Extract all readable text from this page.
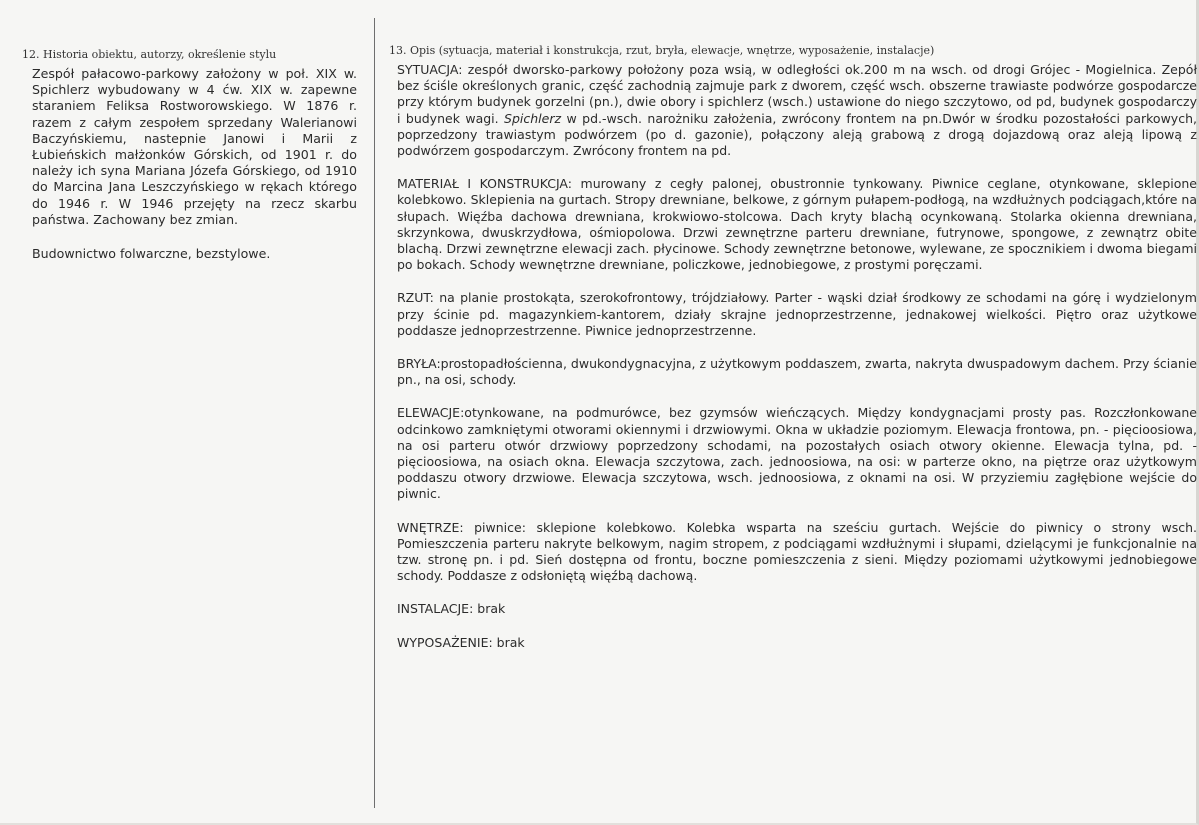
12. Historia obiektu, autorzy, określenie stylu

Zespół pałacowo-parkowy założony w poł. XIX w. Spichlerz wybudowany w 4 ćw. XIX w. zapewne staraniem Feliksa Rostworowskiego. W 1876 r. razem z całym zespołem sprzedany Walerianowi Baczyńskiemu, nastepnie Janowi i Marii z Łubieńskich małżonków Górskich, od 1901 r. do należy ich syna Mariana Józefa Górskiego, od 1910 do Marcina Jana Leszczyńskiego w rękach którego do 1946 r. W 1946 przejęty na rzecz skarbu państwa. Zachowany bez zmian.

Budownictwo folwarczne, bezstylowe.

13. Opis (sytuacja, materiał i konstrukcja, rzut, bryła, elewacje, wnętrze, wyposażenie, instalacje)

SYTUACJA: zespół dworsko-parkowy położony poza wsią, w odległości ok.200 m na wsch. od drogi Grójec - Mogielnica. Zepół bez ściśle określonych granic, część zachodnią zajmuje park z dworem, część wsch. obszerne trawiaste podwórze gospodarcze przy którym budynek gorzelni (pn.), dwie obory i spichlerz (wsch.) ustawione do niego szczytowo, od pd, budynek gospodarczy i budynek wagi. Spichlerz w pd.-wsch. narożniku założenia, zwrócony frontem na pn.Dwór w środku pozostałości parkowych, poprzedzony trawiastym podwórzem (po d. gazonie), połączony aleją grabową z drogą dojazdową oraz aleją lipową z podwórzem gospodarczym. Zwrócony frontem na pd.

MATERIAŁ I KONSTRUKCJA: murowany z cegły palonej, obustronnie tynkowany. Piwnice ceglane, otynkowane, sklepione kolebkowo. Sklepienia na gurtach. Stropy drewniane, belkowe, z górnym pułapem-podłogą, na wzdłużnych podciągach,które na słupach. Więźba dachowa drewniana, krokwiowo-stolcowa. Dach kryty blachą ocynkowaną. Stolarka okienna drewniana, skrzynkowa, dwuskrzydłowa, ośmiopolowa. Drzwi zewnętrzne parteru drewniane, futrynowe, spongowe, z zewnątrz obite blachą. Drzwi zewnętrzne elewacji zach. płycinowe. Schody zewnętrzne betonowe, wylewane, ze spocznikiem i dwoma biegami po bokach. Schody wewnętrzne drewniane, policzkowe, jednobiegowe, z prostymi poręczami.

RZUT: na planie prostokąta, szerokofrontowy, trójdziałowy. Parter - wąski dział środkowy ze schodami na górę i wydzielonym przy ścinie pd. magazynkiem-kantorem, działy skrajne jednoprzestrzenne, jednakowej wielkości. Piętro oraz użytkowe poddasze jednoprzestrzenne. Piwnice jednoprzestrzenne.

BRYŁA:prostopadłościenna, dwukondygnacyjna, z użytkowym poddaszem, zwarta, nakryta dwuspadowym dachem. Przy ścianie pn., na osi, schody.

ELEWACJE:otynkowane, na podmurówce, bez gzymsów wieńczących. Między kondygnacjami prosty pas. Rozczłonkowane odcinkowo zamkniętymi otworami okiennymi i drzwiowymi. Okna w układzie poziomym. Elewacja frontowa, pn. - pięcioosiowa, na osi parteru otwór drzwiowy poprzedzony schodami, na pozostałych osiach otwory okienne. Elewacja tylna, pd. - pięcioosiowa, na osiach okna. Elewacja szczytowa, zach. jednoosiowa, na osi: w parterze okno, na piętrze oraz użytkowym poddaszu otwory drzwiowe. Elewacja szczytowa, wsch. jednoosiowa, z oknami na osi. W przyziemiu zagłębione wejście do piwnic.

WNĘTRZE: piwnice: sklepione kolebkowo. Kolebka wsparta na sześciu gurtach. Wejście do piwnicy o strony wsch. Pomieszczenia parteru nakryte belkowym, nagim stropem, z podciągami wzdłużnymi i słupami, dzielącymi je funkcjonalnie na tzw. stronę pn. i pd. Sień dostępna od frontu, boczne pomieszczenia z sieni. Między poziomami użytkowymi jednobiegowe schody. Poddasze z odsłoniętą więźbą dachową.

INSTALACJE: brak

WYPOSAŻENIE: brak
